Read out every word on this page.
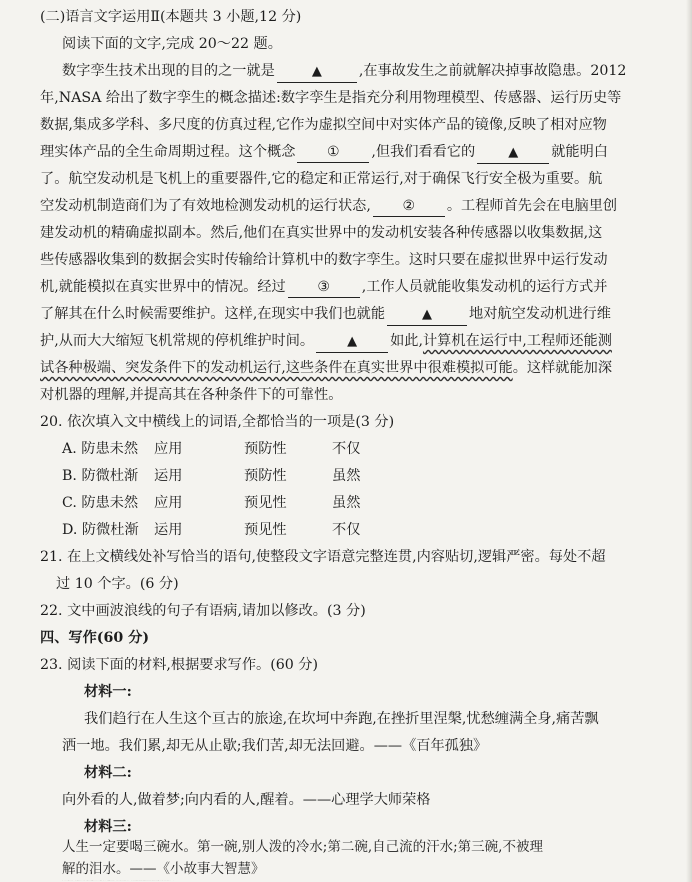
(二)语言文字运用Ⅱ(本题共 3 小题,12 分)
阅读下面的文字,完成 20～22 题。
数字孪生技术出现的目的之一就是	▲	,在事故发生之前就解决掉事故隐患。2012
年,NASA 给出了数字孪生的概念描述:数字孪生是指充分利用物理模型、传感器、运行历史等
数据,集成多学科、多尺度的仿真过程,它作为虚拟空间中对实体产品的镜像,反映了相对应物
理实体产品的全生命周期过程。这个概念 ① ,但我们看看它的	▲ 就能明白
了。航空发动机是飞机上的重要器件,它的稳定和正常运行,对于确保飞行安全极为重要。航
空发动机制造商们为了有效地检测发动机的运行状态, ② 。工程师首先会在电脑里创
建发动机的精确虚拟副本。然后,他们在真实世界中的发动机安装各种传感器以收集数据,这
些传感器收集到的数据会实时传输给计算机中的数字孪生。这时只要在虚拟世界中运行发动
机,就能模拟在真实世界中的情况。经过 ③ ,工作人员就能收集发动机的运行方式并
了解其在什么时候需要维护。这样,在现实中我们也就能	▲	地对航空发动机进行维
护,从而大大缩短飞机常规的停机维护时间。	▲ 如此,计算机在运行中,工程师还能测
试各种极端、突发条件下的发动机运行,这些条件在真实世界中很难模拟可能。这样就能加深
对机器的理解,并提高其在各种条件下的可靠性。
20. 依次填入文中横线上的词语,全都恰当的一项是(3 分)
A. 防患未然 应用	预防性	不仅
B. 防微杜渐 运用	预防性	虽然
C. 防患未然 应用	预见性	虽然
D. 防微杜渐 运用	预见性	不仅
21. 在上文横线处补写恰当的语句,使整段文字语意完整连贯,内容贴切,逻辑严密。每处不超
过 10 个字。(6 分)
22. 文中画波浪线的句子有语病,请加以修改。(3 分)
四、写作(60 分)
23. 阅读下面的材料,根据要求写作。(60 分)
材料一:
我们趋行在人生这个亘古的旅途,在坎坷中奔跑,在挫折里涅槃,忧愁缠满全身,痛苦飘
洒一地。我们累,却无从止歇;我们苦,却无法回避。——《百年孤独》
材料二:
向外看的人,做着梦;向内看的人,醒着。——心理学大师荣格
材料三:
人生一定要喝三碗水。第一碗,别人泼的冷水;第二碗,自己流的汗水;第三碗,不被理
解的泪水。——《小故事大智慧》
以上材料对你已开启的高三生活有着怎样的启示和思考?假如你要在复兴中学高三开 学典礼上作为学生代表发言,请据此写一篇演讲稿,体现你的感悟与思考。 要求:选准角度,确定立意,明确文体,自拟标题;不要套作,不得抄袭;不得泄露个人信 息;不少于 800 字。
